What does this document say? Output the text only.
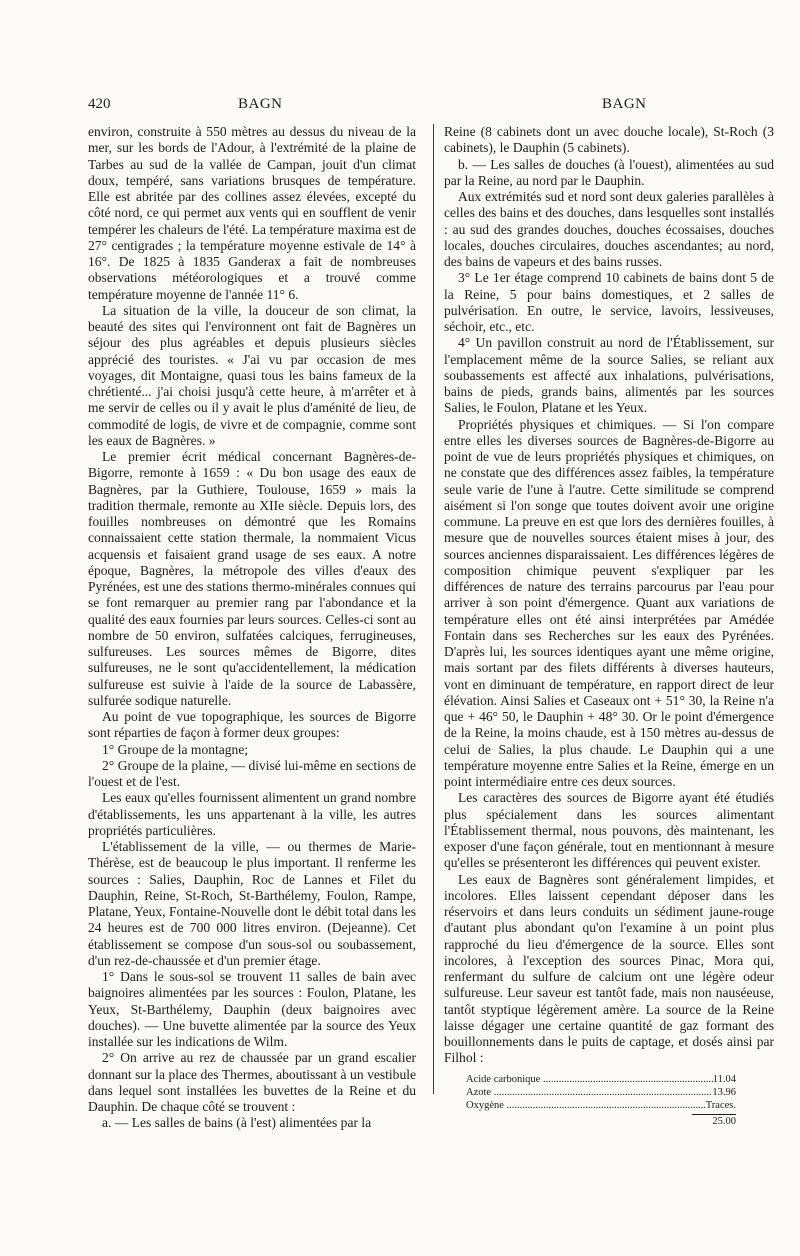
420	BAGN	BAGN

environ, construite à 550 mètres au dessus du niveau de la mer, sur les bords de l'Adour, à l'extrémité de la plaine de Tarbes au sud de la vallée de Campan, jouit d'un climat doux, tempéré, sans variations brusques de température. Elle est abritée par des collines assez élevées, excepté du côté nord, ce qui permet aux vents qui en soufflent de venir tempérer les chaleurs de l'été. La température maxima est de 27° centigrades ; la température moyenne estivale de 14° à 16°. De 1825 à 1835 Ganderax a fait de nombreuses observations météorologiques et a trouvé comme température moyenne de l'année 11° 6.

La situation de la ville, la douceur de son climat, la beauté des sites qui l'environnent ont fait de Bagnères un séjour des plus agréables et depuis plusieurs siècles apprécié des touristes. « J'ai vu par occasion de mes voyages, dit Montaigne, quasi tous les bains fameux de la chrétienté... j'ai choisi jusqu'à cette heure, à m'arrêter et à me servir de celles ou il y avait le plus d'aménité de lieu, de commodité de logis, de vivre et de compagnie, comme sont les eaux de Bagnères. »

Le premier écrit médical concernant Bagnères-de-Bigorre, remonte à 1659 : « Du bon usage des eaux de Bagnères, par la Guthiere, Toulouse, 1659 » mais la tradition thermale, remonte au XIIe siècle. Depuis lors, des fouilles nombreuses on démontré que les Romains connaissaient cette station thermale, la nommaient Vicus acquensis et faisaient grand usage de ses eaux. A notre époque, Bagnères, la métropole des villes d'eaux des Pyrénées, est une des stations thermo-minérales connues qui se font remarquer au premier rang par l'abondance et la qualité des eaux fournies par leurs sources. Celles-ci sont au nombre de 50 environ, sulfatées calciques, ferrugineuses, sulfureuses. Les sources mêmes de Bigorre, dites sulfureuses, ne le sont qu'accidentellement, la médication sulfureuse est suivie à l'aide de la source de Labassère, sulfurée sodique naturelle.

Au point de vue topographique, les sources de Bigorre sont réparties de façon à former deux groupes:

1° Groupe de la montagne;

2° Groupe de la plaine, — divisé lui-même en sections de l'ouest et de l'est.

Les eaux qu'elles fournissent alimentent un grand nombre d'établissements, les uns appartenant à la ville, les autres propriétés particulières.

L'établissement de la ville, — ou thermes de Marie-Thérèse, est de beaucoup le plus important. Il renferme les sources : Salies, Dauphin, Roc de Lannes et Filet du Dauphin, Reine, St-Roch, St-Barthélemy, Foulon, Rampe, Platane, Yeux, Fontaine-Nouvelle dont le débit total dans les 24 heures est de 700 000 litres environ. (Dejeanne). Cet établissement se compose d'un sous-sol ou soubassement, d'un rez-de-chaussée et d'un premier étage.

1° Dans le sous-sol se trouvent 11 salles de bain avec baignoires alimentées par les sources : Foulon, Platane, les Yeux, St-Barthélemy, Dauphin (deux baignoires avec douches). — Une buvette alimentée par la source des Yeux installée sur les indications de Wilm.

2° On arrive au rez de chaussée par un grand escalier donnant sur la place des Thermes, aboutissant à un vestibule dans lequel sont installées les buvettes de la Reine et du Dauphin. De chaque côté se trouvent :

a. — Les salles de bains (à l'est) alimentées par la

Reine (8 cabinets dont un avec douche locale), St-Roch (3 cabinets), le Dauphin (5 cabinets).

b. — Les salles de douches (à l'ouest), alimentées au sud par la Reine, au nord par le Dauphin.

Aux extrémités sud et nord sont deux galeries parallèles à celles des bains et des douches, dans lesquelles sont installés : au sud des grandes douches, douches écossaises, douches locales, douches circulaires, douches ascendantes; au nord, des bains de vapeurs et des bains russes.

3° Le 1er étage comprend 10 cabinets de bains dont 5 de la Reine, 5 pour bains domestiques, et 2 salles de pulvérisation. En outre, le service, lavoirs, lessiveuses, séchoir, etc., etc.

4° Un pavillon construit au nord de l'Établissement, sur l'emplacement même de la source Salies, se reliant aux soubassements est affecté aux inhalations, pulvérisations, bains de pieds, grands bains, alimentés par les sources Salies, le Foulon, Platane et les Yeux.

Propriétés physiques et chimiques. — Si l'on compare entre elles les diverses sources de Bagnères-de-Bigorre au point de vue de leurs propriétés physiques et chimiques, on ne constate que des différences assez faibles, la température seule varie de l'une à l'autre. Cette similitude se comprend aisément si l'on songe que toutes doivent avoir une origine commune. La preuve en est que lors des dernières fouilles, à mesure que de nouvelles sources étaient mises à jour, des sources anciennes disparaissaient. Les différences légères de composition chimique peuvent s'expliquer par les différences de nature des terrains parcourus par l'eau pour arriver à son point d'émergence. Quant aux variations de température elles ont été ainsi interprétées par Amédée Fontain dans ses Recherches sur les eaux des Pyrénées. D'après lui, les sources identiques ayant une même origine, mais sortant par des filets différents à diverses hauteurs, vont en diminuant de température, en rapport direct de leur élévation. Ainsi Salies et Caseaux ont + 51° 30, la Reine n'a que + 46° 50, le Dauphin + 48° 30. Or le point d'émergence de la Reine, la moins chaude, est à 150 mètres au-dessus de celui de Salies, la plus chaude. Le Dauphin qui a une température moyenne entre Salies et la Reine, émerge en un point intermédiaire entre ces deux sources.

Les caractères des sources de Bigorre ayant été étudiés plus spécialement dans les sources alimentant l'Établissement thermal, nous pouvons, dès maintenant, les exposer d'une façon générale, tout en mentionnant à mesure qu'elles se présenteront les différences qui peuvent exister.

Les eaux de Bagnères sont généralement limpides, et incolores. Elles laissent cependant déposer dans les réservoirs et dans leurs conduits un sédiment jaune-rouge d'autant plus abondant qu'on l'examine à un point plus rapproché du lieu d'émergence de la source. Elles sont incolores, à l'exception des sources Pinac, Mora qui, renfermant du sulfure de calcium ont une légère odeur sulfureuse. Leur saveur est tantôt fade, mais non nauséeuse, tantôt styptique légèrement amère. La source de la Reine laisse dégager une certaine quantité de gaz formant des bouillonnements dans le puits de captage, et dosés ainsi par Filhol :

Acide carbonique .....	11.04
Azote .....	13.96
Oxygène .....	Traces.
25.00
